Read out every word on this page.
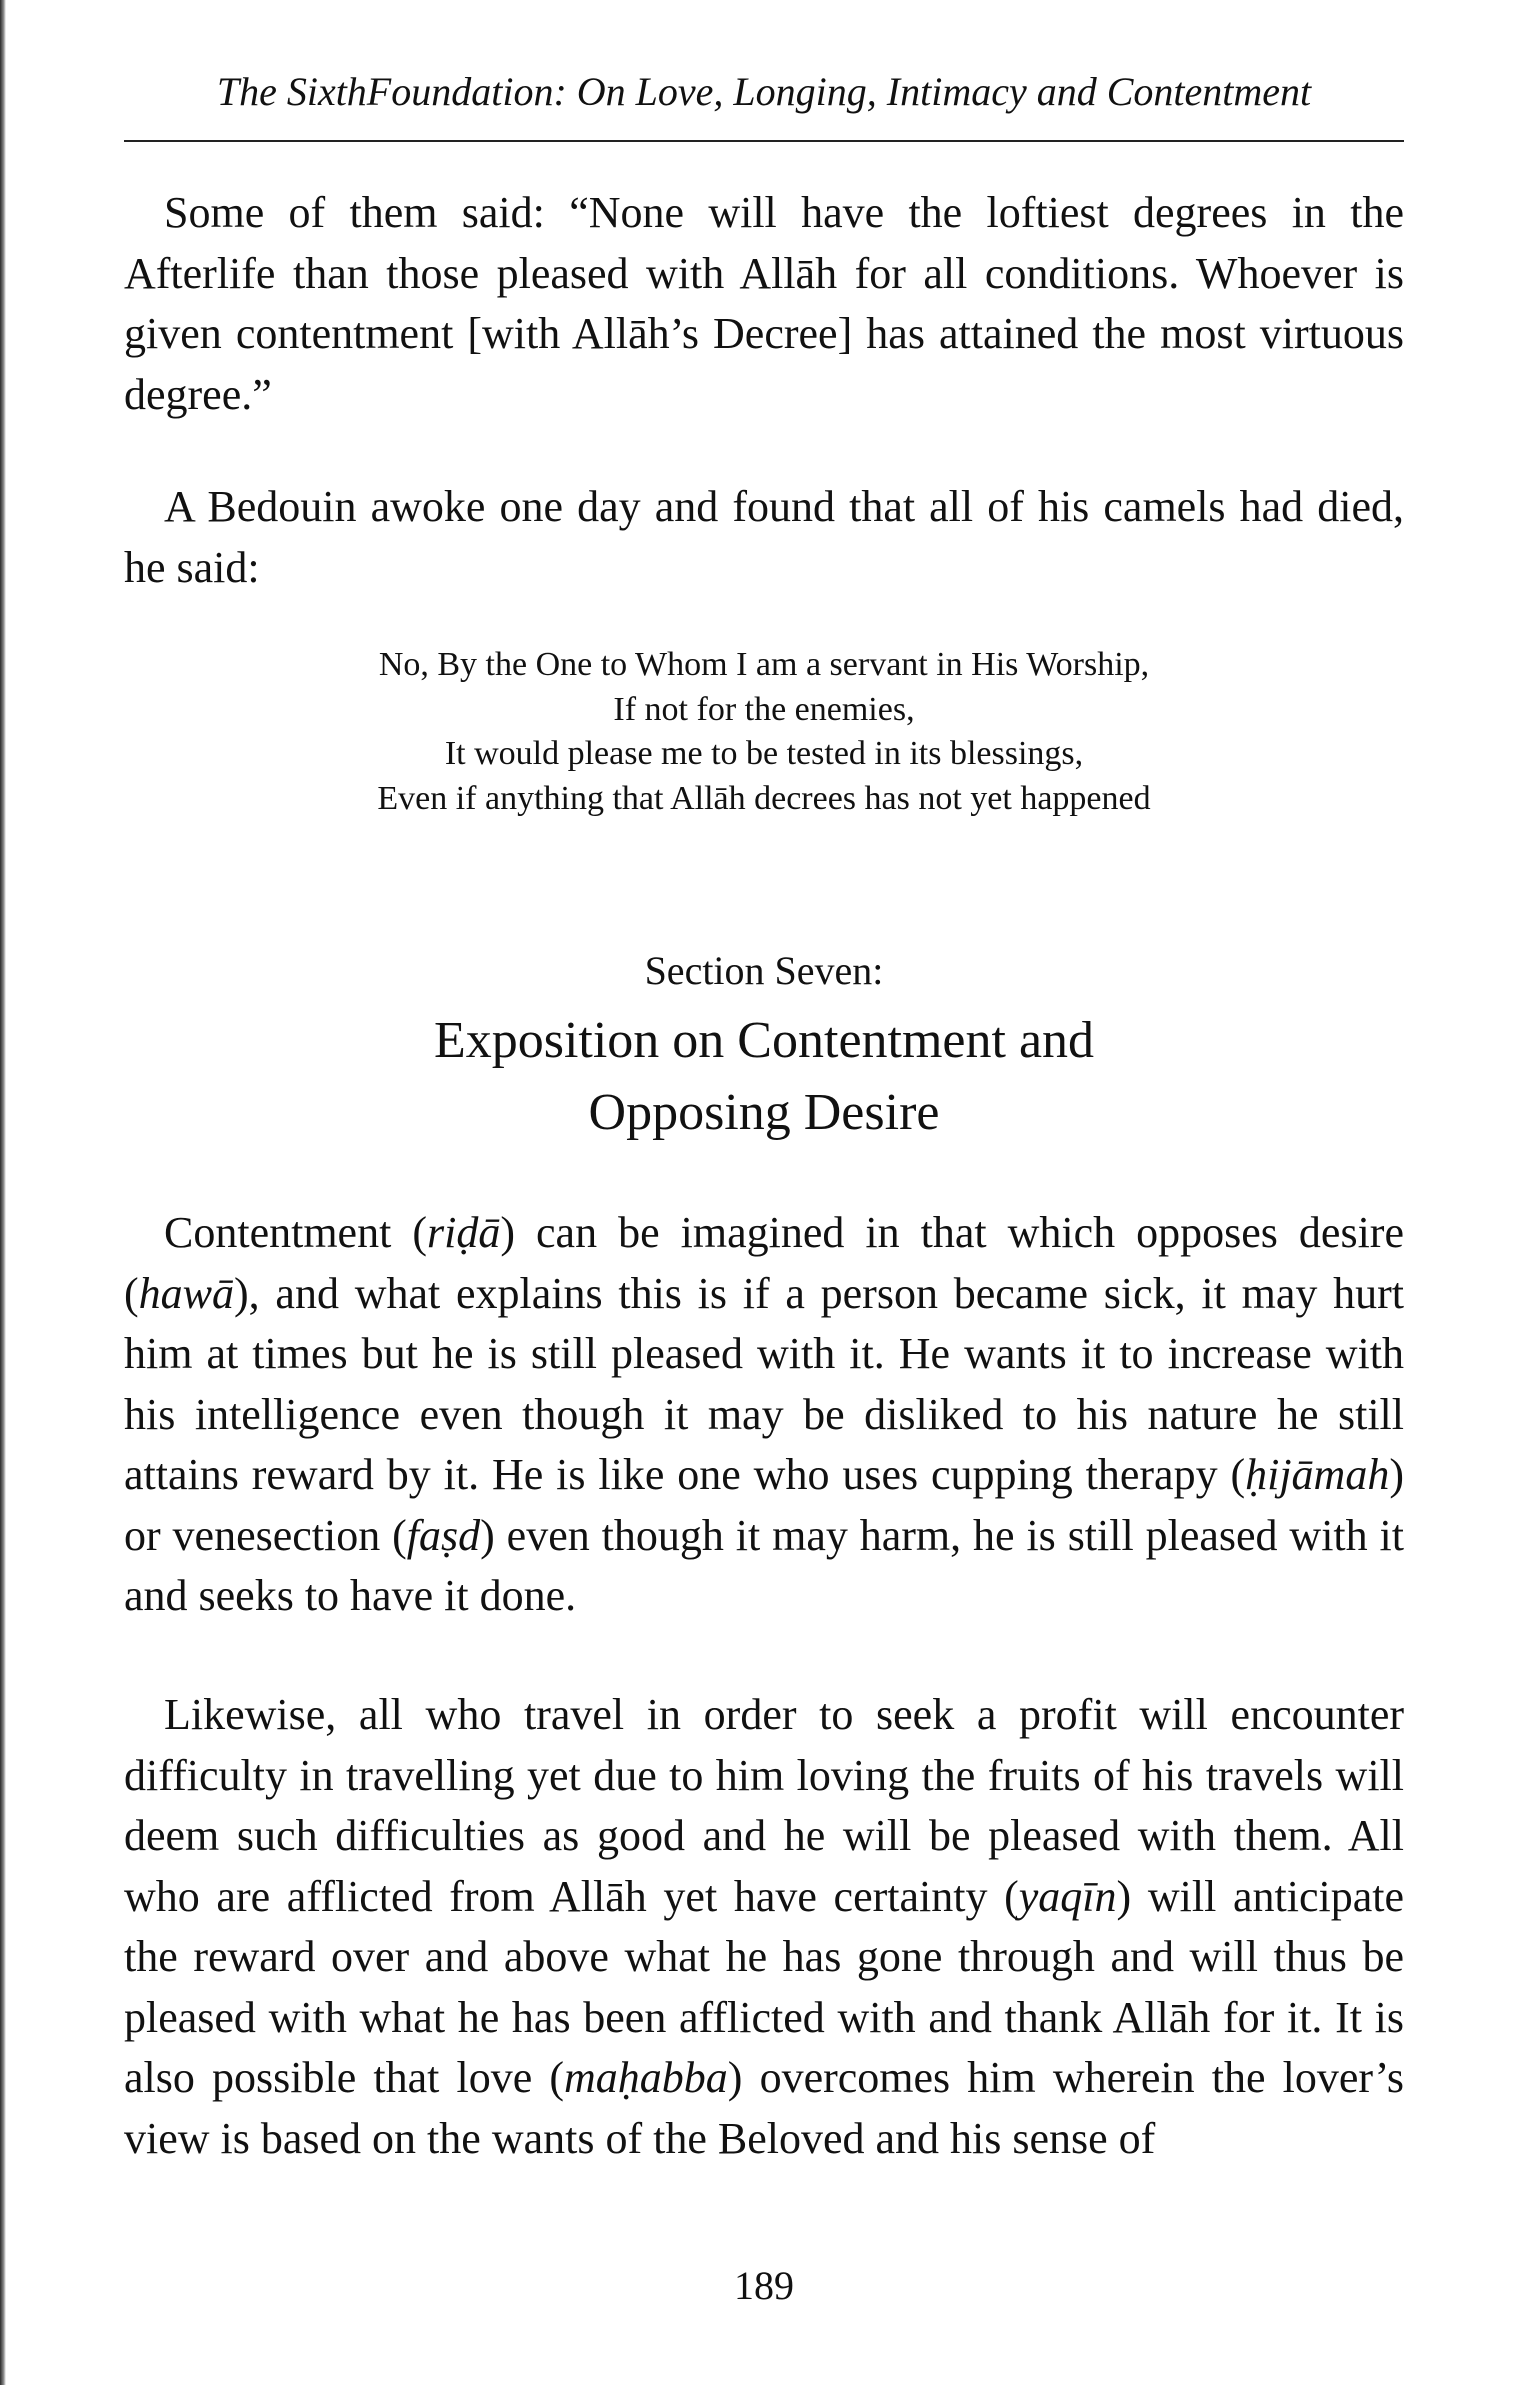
The SixthFoundation: On Love, Longing, Intimacy and Contentment

Some of them said: “None will have the loftiest degrees in the Afterlife than those pleased with Allāh for all conditions. Whoever is given contentment [with Allāh’s Decree] has attained the most virtuous degree.”

A Bedouin awoke one day and found that all of his camels had died, he said:

No, By the One to Whom I am a servant in His Worship,
If not for the enemies,
It would please me to be tested in its blessings,
Even if anything that Allāh decrees has not yet happened
Section Seven:
Exposition on Contentment and
Opposing Desire

Contentment (riḍā) can be imagined in that which opposes desire (hawā), and what explains this is if a person became sick, it may hurt him at times but he is still pleased with it. He wants it to increase with his intelligence even though it may be disliked to his nature he still attains reward by it. He is like one who uses cupping therapy (ḥijāmah) or venesection (faṣd) even though it may harm, he is still pleased with it and seeks to have it done.

Likewise, all who travel in order to seek a profit will encounter difficulty in travelling yet due to him loving the fruits of his travels will deem such difficulties as good and he will be pleased with them. All who are afflicted from Allāh yet have certainty (yaqīn) will anticipate the reward over and above what he has gone through and will thus be pleased with what he has been afflicted with and thank Allāh for it. It is also possible that love (maḥabba) overcomes him wherein the lover’s view is based on the wants of the Beloved and his sense of

189
